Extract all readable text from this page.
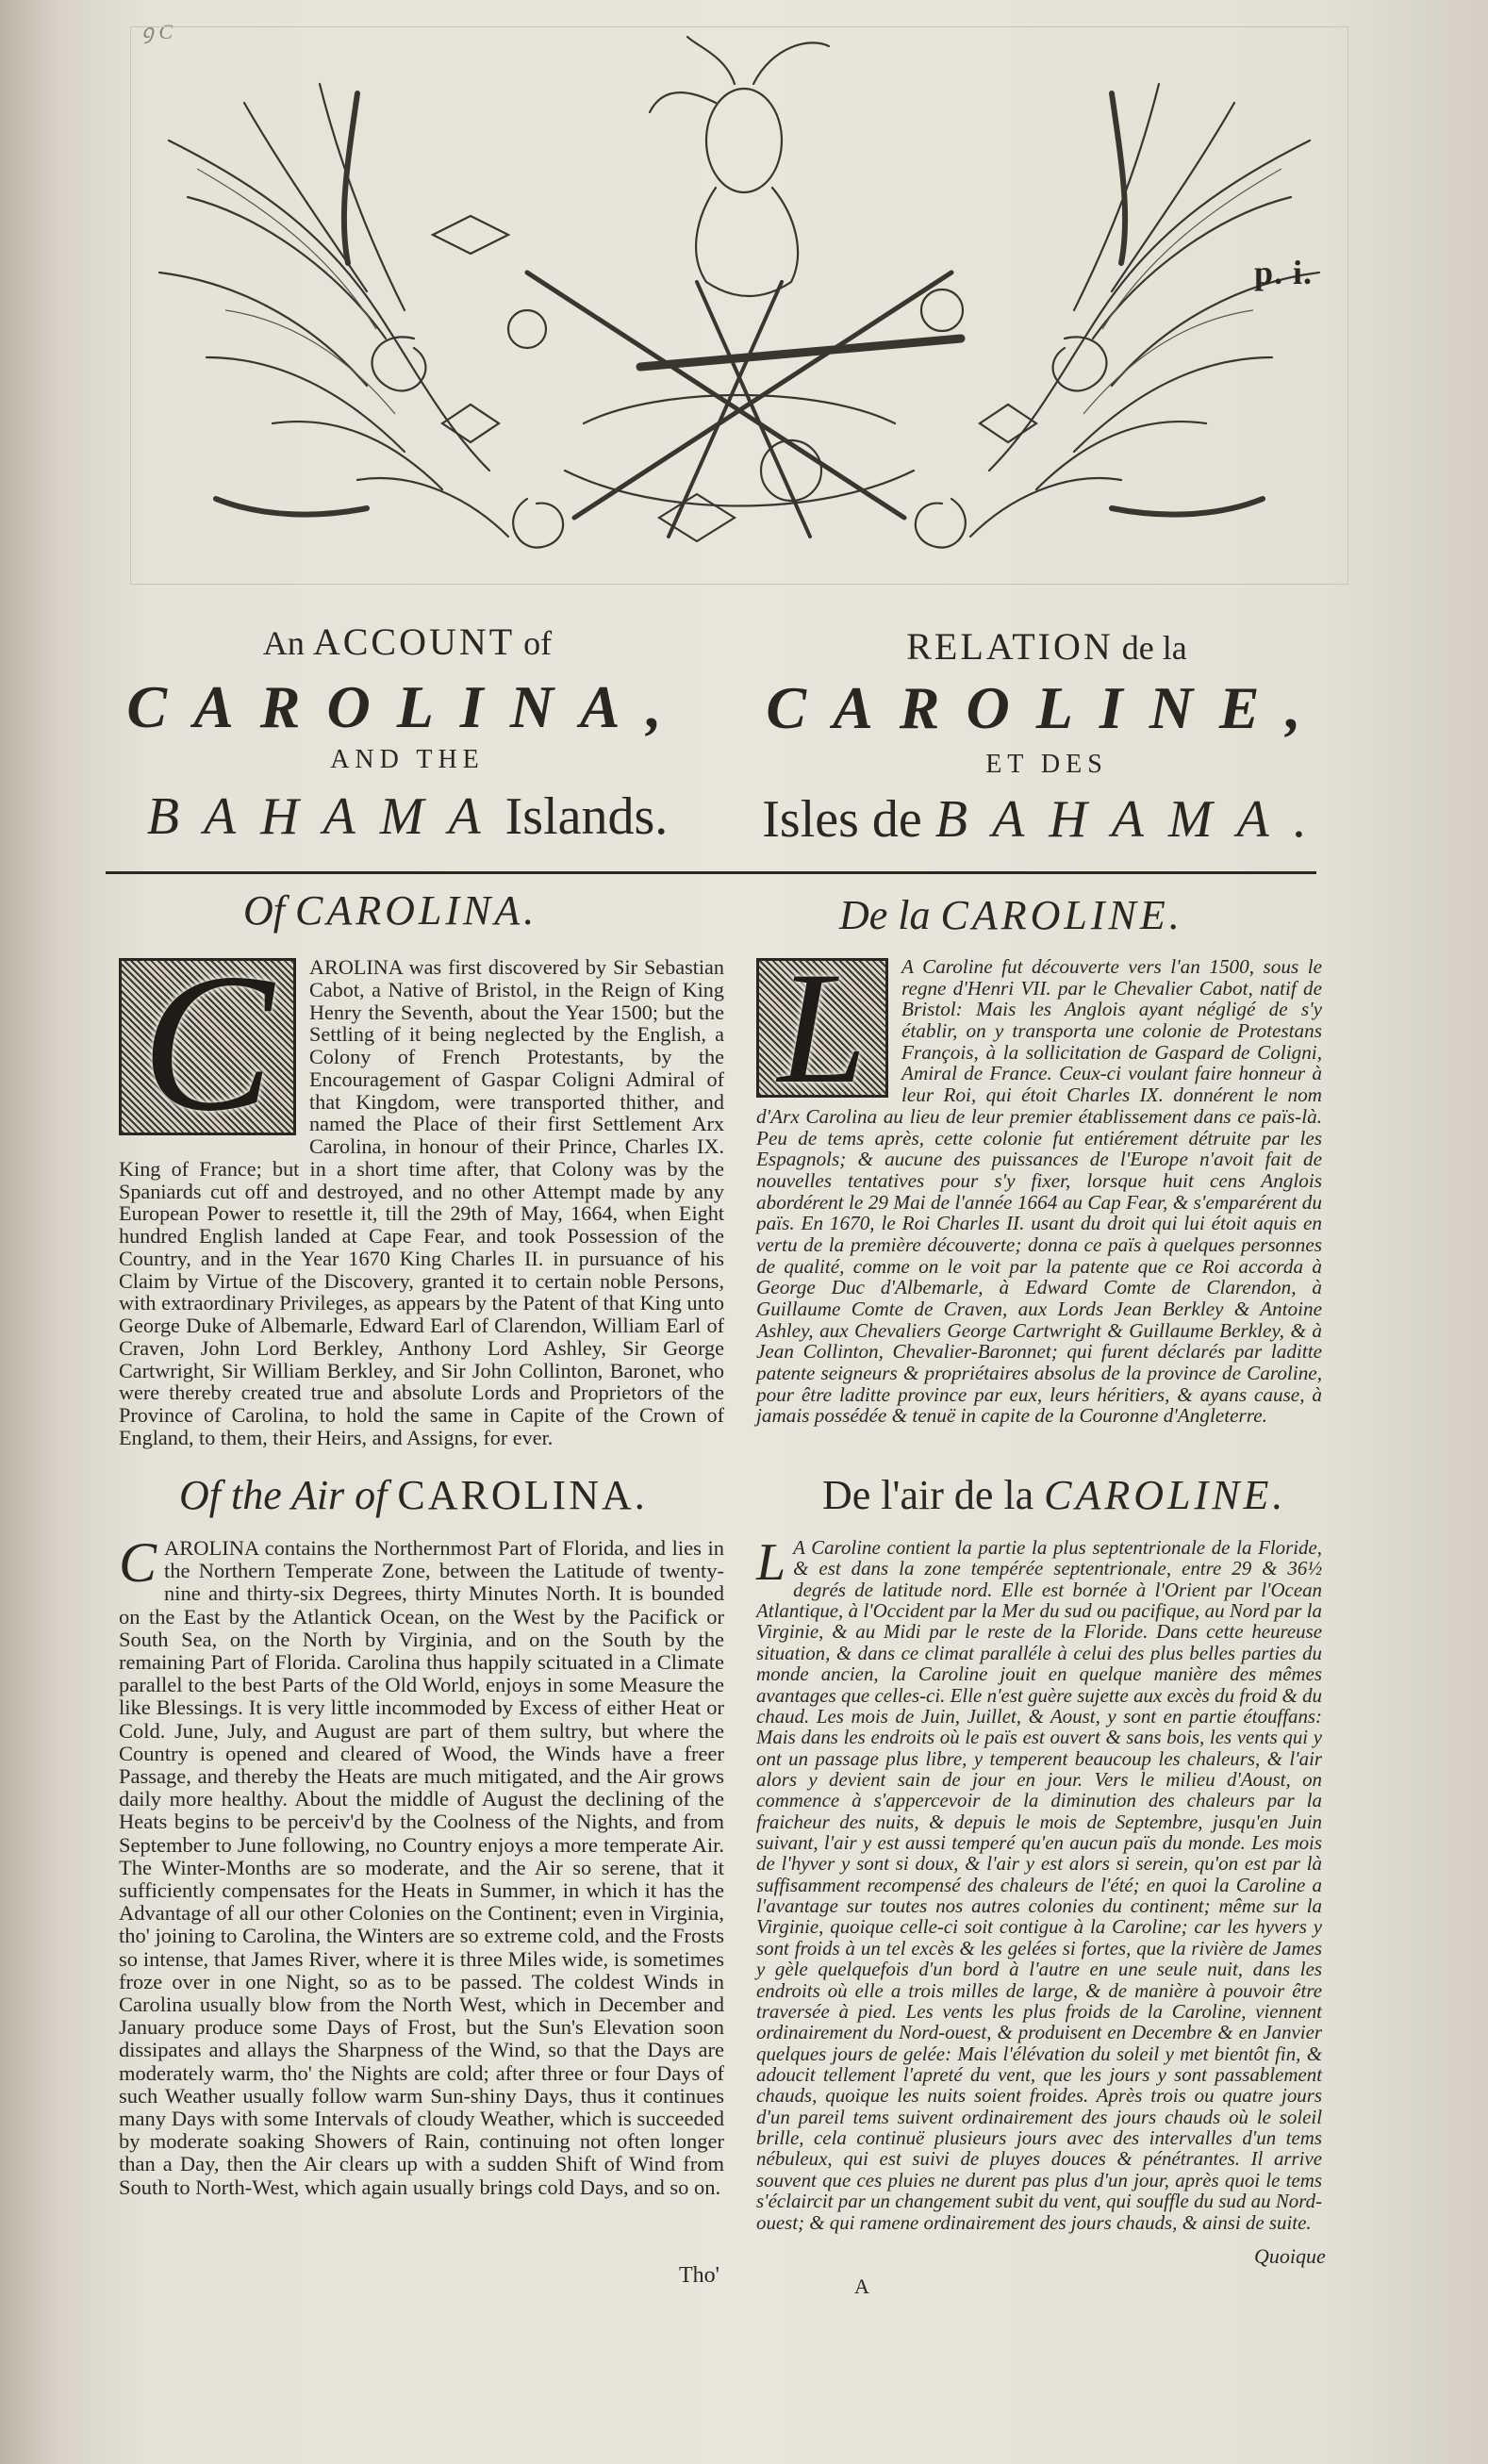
ꝯ C
p. i.
An ACCOUNT of
CAROLINA,
AND THE
BAHAMAIslands.
RELATION de la
CAROLINE,
ET DES
Isles de BAHAMA.
Of CAROLINA.
C	AROLINA was first discovered by Sir Sebastian Cabot, a Native of Bristol, in the Reign of King Henry the Seventh, about the Year 1500; but the Settling of it being neglected by the English, a Colony of French Protestants, by the Encouragement of Gaspar Coligni Admiral of that Kingdom, were transported thither, and named the Place of their first Settlement Arx Carolina, in honour of their Prince, Charles IX. King of France; but in a short time after, that Colony was by the Spaniards cut off and destroyed, and no other Attempt made by any European Power to resettle it, till the 29th of May, 1664, when Eight hundred English landed at Cape Fear, and took Possession of the Country, and in the Year 1670 King Charles II. in pursuance of his Claim by Virtue of the Discovery, granted it to certain noble Persons, with extraordinary Privileges, as appears by the Patent of that King unto George Duke of Albemarle, Edward Earl of Clarendon, William Earl of Craven, John Lord Berkley, Anthony Lord Ashley, Sir George Cartwright, Sir William Berkley, and Sir John Collinton, Baronet, who were thereby created true and absolute Lords and Proprietors of the Province of Carolina, to hold the same in Capite of the Crown of England, to them, their Heirs, and Assigns, for ever.

De la CAROLINE.
L	A Caroline fut découverte vers l'an 1500, sous le regne d'Henri VII. par le Chevalier Cabot, natif de Bristol: Mais les Anglois ayant négligé de s'y établir, on y transporta une colonie de Protestans François, à la sollicitation de Gaspard de Coligni, Amiral de France. Ceux-ci voulant faire honneur à leur Roi, qui étoit Charles IX. donnérent le nom d'Arx Carolina au lieu de leur premier établissement dans ce païs-là. Peu de tems après, cette colonie fut entiérement détruite par les Espagnols; & aucune des puissances de l'Europe n'avoit fait de nouvelles tentatives pour s'y fixer, lorsque huit cens Anglois abordérent le 29 Mai de l'année 1664 au Cap Fear, & s'emparérent du païs. En 1670, le Roi Charles II. usant du droit qui lui étoit aquis en vertu de la première découverte; donna ce païs à quelques personnes de qualité, comme on le voit par la patente que ce Roi accorda à George Duc d'Albemarle, à Edward Comte de Clarendon, à Guillaume Comte de Craven, aux Lords Jean Berkley & Antoine Ashley, aux Chevaliers George Cartwright & Guillaume Berkley, & à Jean Collinton, Chevalier-Baronnet; qui furent déclarés par laditte patente seigneurs & propriétaires absolus de la province de Caroline, pour être laditte province par eux, leurs héritiers, & ayans cause, à jamais possédée & tenuë in capite de la Couronne d'Angleterre.

Of the Air of CAROLINA.
C AROLINA contains the Northernmost Part of Florida, and lies in the Northern Temperate Zone, between the Latitude of twenty-nine and thirty-six Degrees, thirty Minutes North. It is bounded on the East by the Atlantick Ocean, on the West by the Pacifick or South Sea, on the North by Virginia, and on the South by the remaining Part of Florida. Carolina thus happily scituated in a Climate parallel to the best Parts of the Old World, enjoys in some Measure the like Blessings. It is very little incommoded by Excess of either Heat or Cold. June, July, and August are part of them sultry, but where the Country is opened and cleared of Wood, the Winds have a freer Passage, and thereby the Heats are much mitigated, and the Air grows daily more healthy. About the middle of August the declining of the Heats begins to be perceiv'd by the Coolness of the Nights, and from September to June following, no Country enjoys a more temperate Air. The Winter-Months are so moderate, and the Air so serene, that it sufficiently compensates for the Heats in Summer, in which it has the Advantage of all our other Colonies on the Continent; even in Virginia, tho' joining to Carolina, the Winters are so extreme cold, and the Frosts so intense, that James River, where it is three Miles wide, is sometimes froze over in one Night, so as to be passed. The coldest Winds in Carolina usually blow from the North West, which in December and January produce some Days of Frost, but the Sun's Elevation soon dissipates and allays the Sharpness of the Wind, so that the Days are moderately warm, tho' the Nights are cold; after three or four Days of such Weather usually follow warm Sun-shiny Days, thus it continues many Days with some Intervals of cloudy Weather, which is succeeded by moderate soaking Showers of Rain, continuing not often longer than a Day, then the Air clears up with a sudden Shift of Wind from South to North-West, which again usually brings cold Days, and so on.

De l'air de la CAROLINE.
L A Caroline contient la partie la plus septentrionale de la Floride, & est dans la zone tempérée septentrionale, entre 29 & 36½ degrés de latitude nord. Elle est bornée à l'Orient par l'Ocean Atlantique, à l'Occident par la Mer du sud ou pacifique, au Nord par la Virginie, & au Midi par le reste de la Floride. Dans cette heureuse situation, & dans ce climat paralléle à celui des plus belles parties du monde ancien, la Caroline jouit en quelque manière des mêmes avantages que celles-ci. Elle n'est guère sujette aux excès du froid & du chaud. Les mois de Juin, Juillet, & Aoust, y sont en partie étouffans: Mais dans les endroits où le païs est ouvert & sans bois, les vents qui y ont un passage plus libre, y temperent beaucoup les chaleurs, & l'air alors y devient sain de jour en jour. Vers le milieu d'Aoust, on commence à s'appercevoir de la diminution des chaleurs par la fraicheur des nuits, & depuis le mois de Septembre, jusqu'en Juin suivant, l'air y est aussi temperé qu'en aucun païs du monde. Les mois de l'hyver y sont si doux, & l'air y est alors si serein, qu'on est par là suffisamment recompensé des chaleurs de l'été; en quoi la Caroline a l'avantage sur toutes nos autres colonies du continent; même sur la Virginie, quoique celle-ci soit contigue à la Caroline; car les hyvers y sont froids à un tel excès & les gelées si fortes, que la rivière de James y gèle quelquefois d'un bord à l'autre en une seule nuit, dans les endroits où elle a trois milles de large, & de manière à pouvoir être traversée à pied. Les vents les plus froids de la Caroline, viennent ordinairement du Nord-ouest, & produisent en Decembre & en Janvier quelques jours de gelée: Mais l'élévation du soleil y met bientôt fin, & adoucit tellement l'apreté du vent, que les jours y sont passablement chauds, quoique les nuits soient froides. Après trois ou quatre jours d'un pareil tems suivent ordinairement des jours chauds où le soleil brille, cela continuë plusieurs jours avec des intervalles d'un tems nébuleux, qui est suivi de pluyes douces & pénétrantes. Il arrive souvent que ces pluies ne durent pas plus d'un jour, après quoi le tems s'éclaircit par un changement subit du vent, qui souffle du sud au Nord-ouest; & qui ramene ordinairement des jours chauds, & ainsi de suite.

Tho'	A
Quoique
